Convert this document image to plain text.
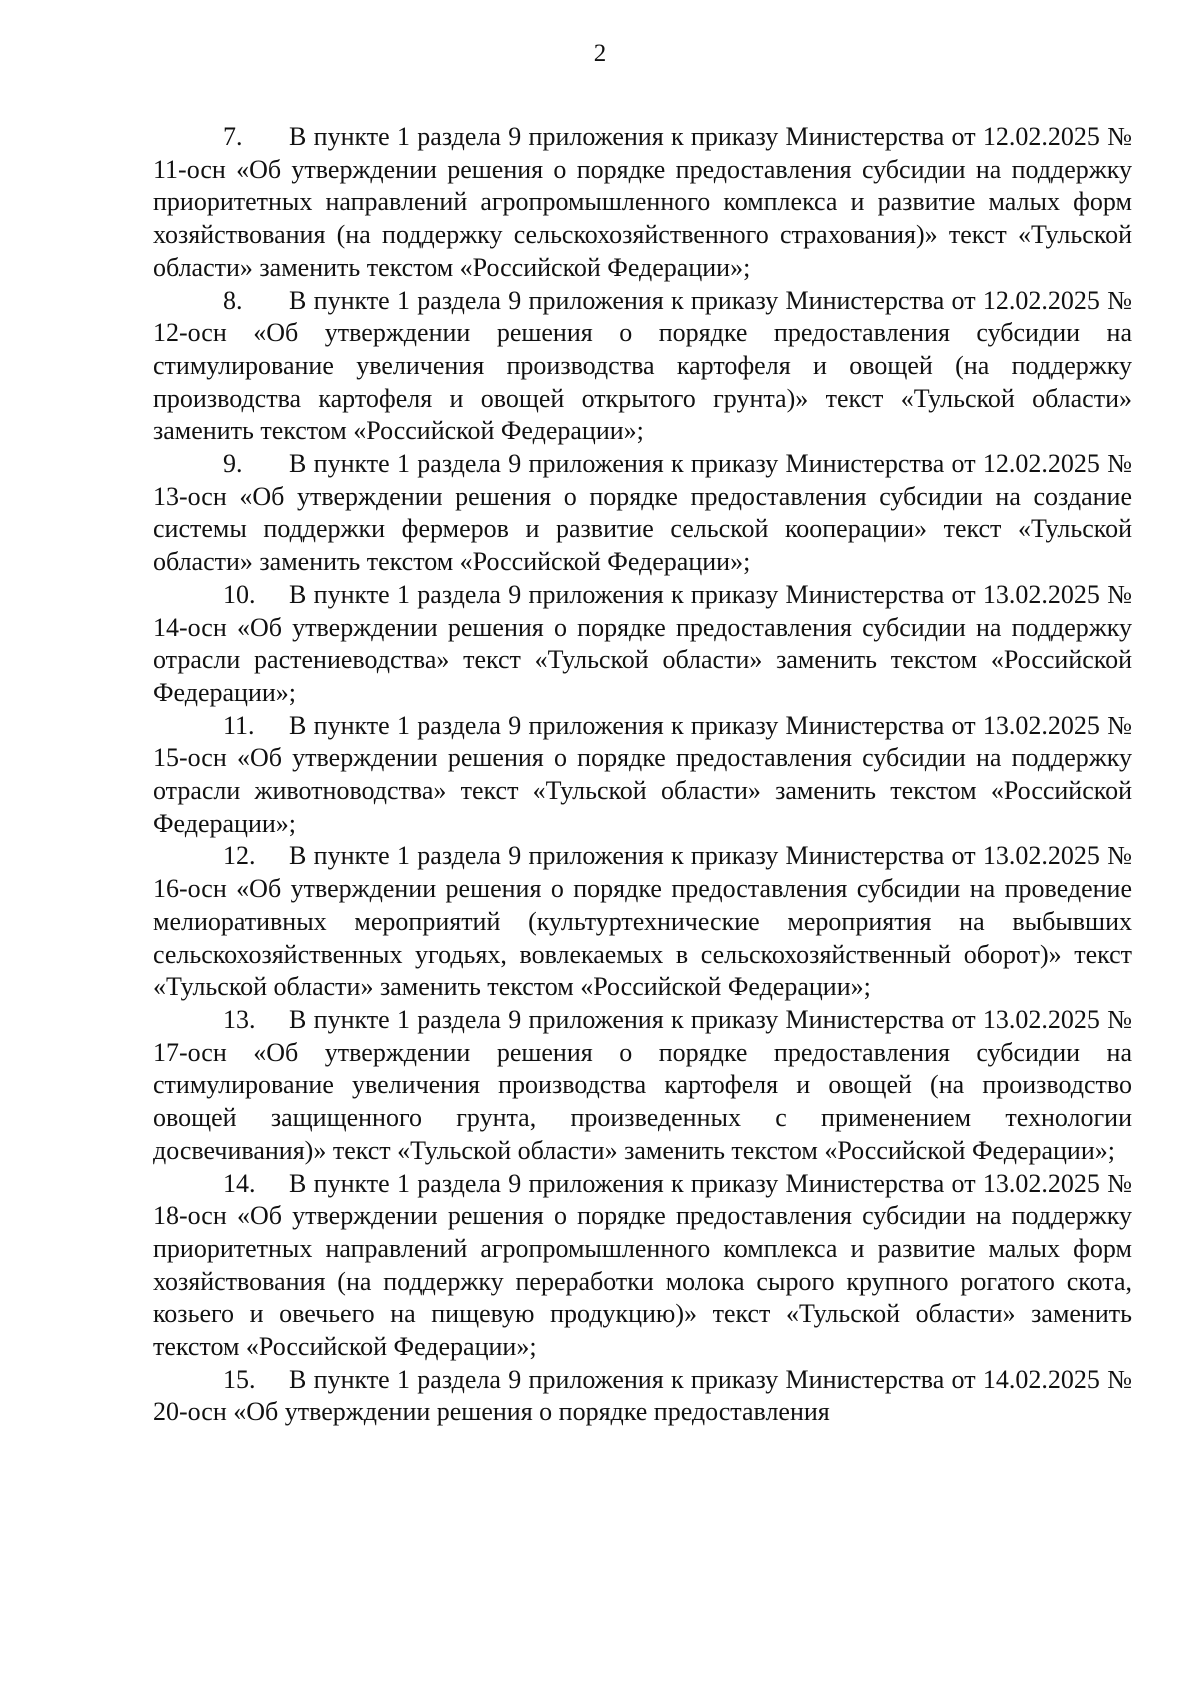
2

7. В пункте 1 раздела 9 приложения к приказу Министерства от 12.02.2025 № 11-осн «Об утверждении решения о порядке предоставления субсидии на поддержку приоритетных направлений агропромышленного комплекса и развитие малых форм хозяйствования (на поддержку сельскохозяйственного страхования)» текст «Тульской области» заменить текстом «Российской Федерации»;

8. В пункте 1 раздела 9 приложения к приказу Министерства от 12.02.2025 № 12-осн «Об утверждении решения о порядке предоставления субсидии на стимулирование увеличения производства картофеля и овощей (на поддержку производства картофеля и овощей открытого грунта)» текст «Тульской области» заменить текстом «Российской Федерации»;

9. В пункте 1 раздела 9 приложения к приказу Министерства от 12.02.2025 № 13-осн «Об утверждении решения о порядке предоставления субсидии на создание системы поддержки фермеров и развитие сельской кооперации» текст «Тульской области» заменить текстом «Российской Федерации»;

10. В пункте 1 раздела 9 приложения к приказу Министерства от 13.02.2025 № 14-осн «Об утверждении решения о порядке предоставления субсидии на поддержку отрасли растениеводства» текст «Тульской области» заменить текстом «Российской Федерации»;

11. В пункте 1 раздела 9 приложения к приказу Министерства от 13.02.2025 № 15-осн «Об утверждении решения о порядке предоставления субсидии на поддержку отрасли животноводства» текст «Тульской области» заменить текстом «Российской Федерации»;

12. В пункте 1 раздела 9 приложения к приказу Министерства от 13.02.2025 № 16-осн «Об утверждении решения о порядке предоставления субсидии на проведение мелиоративных мероприятий (культуртехнические мероприятия на выбывших сельскохозяйственных угодьях, вовлекаемых в сельскохозяйственный оборот)» текст «Тульской области» заменить текстом «Российской Федерации»;

13. В пункте 1 раздела 9 приложения к приказу Министерства от 13.02.2025 № 17-осн «Об утверждении решения о порядке предоставления субсидии на стимулирование увеличения производства картофеля и овощей (на производство овощей защищенного грунта, произведенных с применением технологии досвечивания)» текст «Тульской области» заменить текстом «Российской Федерации»;

14. В пункте 1 раздела 9 приложения к приказу Министерства от 13.02.2025 № 18-осн «Об утверждении решения о порядке предоставления субсидии на поддержку приоритетных направлений агропромышленного комплекса и развитие малых форм хозяйствования (на поддержку переработки молока сырого крупного рогатого скота, козьего и овечьего на пищевую продукцию)» текст «Тульской области» заменить текстом «Российской Федерации»;

15. В пункте 1 раздела 9 приложения к приказу Министерства от 14.02.2025 № 20-осн «Об утверждении решения о порядке предоставления
